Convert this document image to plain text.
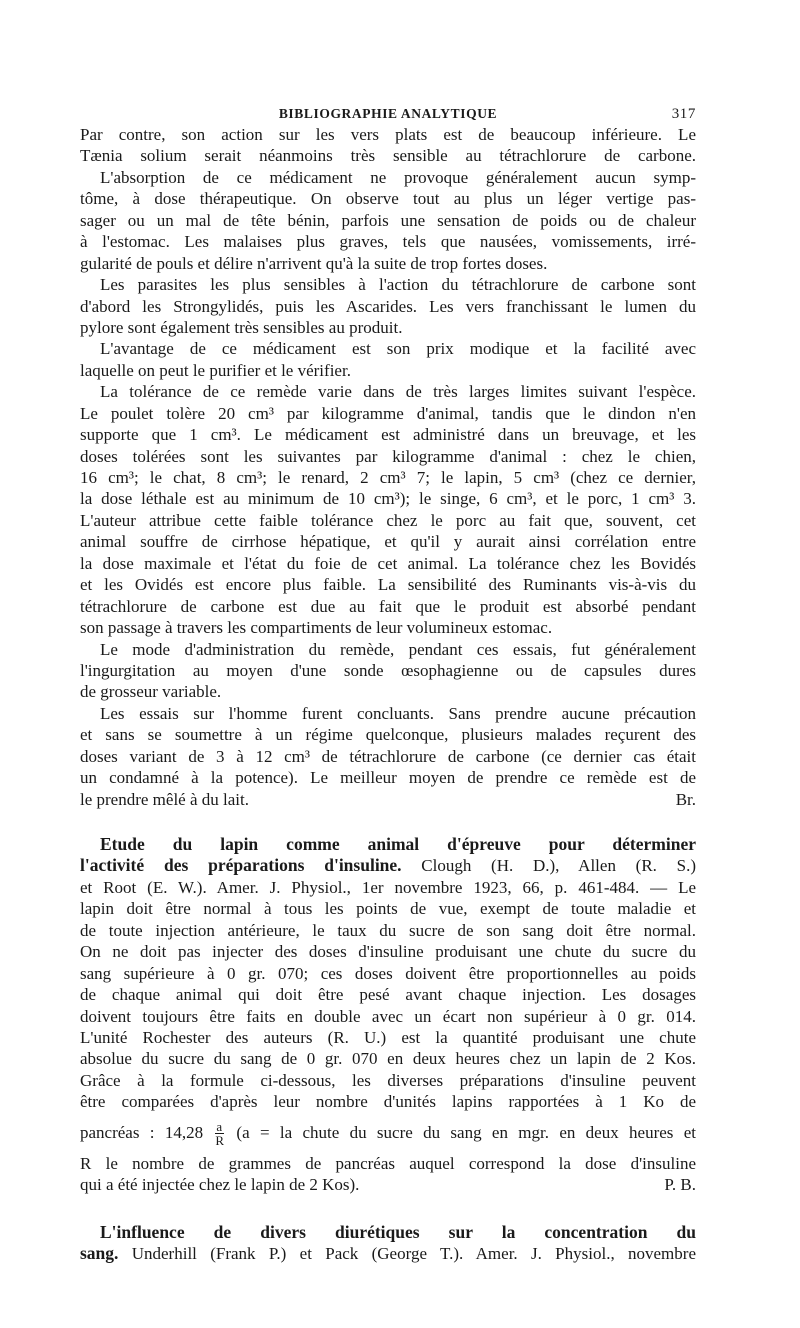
BIBLIOGRAPHIE ANALYTIQUE	317
Par contre, son action sur les vers plats est de beaucoup inférieure. Le
Tænia solium serait néanmoins très sensible au tétrachlorure de carbone.
L'absorption de ce médicament ne provoque généralement aucun symp-
tôme, à dose thérapeutique. On observe tout au plus un léger vertige pas-
sager ou un mal de tête bénin, parfois une sensation de poids ou de chaleur
à l'estomac. Les malaises plus graves, tels que nausées, vomissements, irré-
gularité de pouls et délire n'arrivent qu'à la suite de trop fortes doses.
Les parasites les plus sensibles à l'action du tétrachlorure de carbone sont
d'abord les Strongylidés, puis les Ascarides. Les vers franchissant le lumen du
pylore sont également très sensibles au produit.
L'avantage de ce médicament est son prix modique et la facilité avec
laquelle on peut le purifier et le vérifier.
La tolérance de ce remède varie dans de très larges limites suivant l'espèce.
Le poulet tolère 20 cm³ par kilogramme d'animal, tandis que le dindon n'en
supporte que 1 cm³. Le médicament est administré dans un breuvage, et les
doses tolérées sont les suivantes par kilogramme d'animal : chez le chien,
16 cm³; le chat, 8 cm³; le renard, 2 cm³ 7; le lapin, 5 cm³ (chez ce dernier,
la dose léthale est au minimum de 10 cm³); le singe, 6 cm³, et le porc, 1 cm³ 3.
L'auteur attribue cette faible tolérance chez le porc au fait que, souvent, cet
animal souffre de cirrhose hépatique, et qu'il y aurait ainsi corrélation entre
la dose maximale et l'état du foie de cet animal. La tolérance chez les Bovidés
et les Ovidés est encore plus faible. La sensibilité des Ruminants vis-à-vis du
tétrachlorure de carbone est due au fait que le produit est absorbé pendant
son passage à travers les compartiments de leur volumineux estomac.
Le mode d'administration du remède, pendant ces essais, fut généralement
l'ingurgitation au moyen d'une sonde œsophagienne ou de capsules dures
de grosseur variable.
Les essais sur l'homme furent concluants. Sans prendre aucune précaution
et sans se soumettre à un régime quelconque, plusieurs malades reçurent des
doses variant de 3 à 12 cm³ de tétrachlorure de carbone (ce dernier cas était
un condamné à la potence). Le meilleur moyen de prendre ce remède est de
le prendre mêlé à du lait.	Br.
Etude du lapin comme animal d'épreuve pour déterminer
l'activité des préparations d'insuline. Clough (H. D.), Allen (R. S.)
et Root (E. W.). Amer. J. Physiol., 1er novembre 1923, 66, p. 461-484. — Le
lapin doit être normal à tous les points de vue, exempt de toute maladie et
de toute injection antérieure, le taux du sucre de son sang doit être normal.
On ne doit pas injecter des doses d'insuline produisant une chute du sucre du
sang supérieure à 0 gr. 070; ces doses doivent être proportionnelles au poids
de chaque animal qui doit être pesé avant chaque injection. Les dosages
doivent toujours être faits en double avec un écart non supérieur à 0 gr. 014.
L'unité Rochester des auteurs (R. U.) est la quantité produisant une chute
absolue du sucre du sang de 0 gr. 070 en deux heures chez un lapin de 2 Kos.
Grâce à la formule ci-dessous, les diverses préparations d'insuline peuvent
être comparées d'après leur nombre d'unités lapins rapportées à 1 Ko de
pancréas : $14,28 \frac{a}{R} (a$ = la chute du sucre du sang en mgr. en deux heures et
R le nombre de grammes de pancréas auquel correspond la dose d'insuline
qui a été injectée chez le lapin de 2 Kos).	P. B.
L'influence de divers diurétiques sur la concentration du
sang. Underhill (Frank P.) et Pack (George T.). Amer. J. Physiol., novembre
